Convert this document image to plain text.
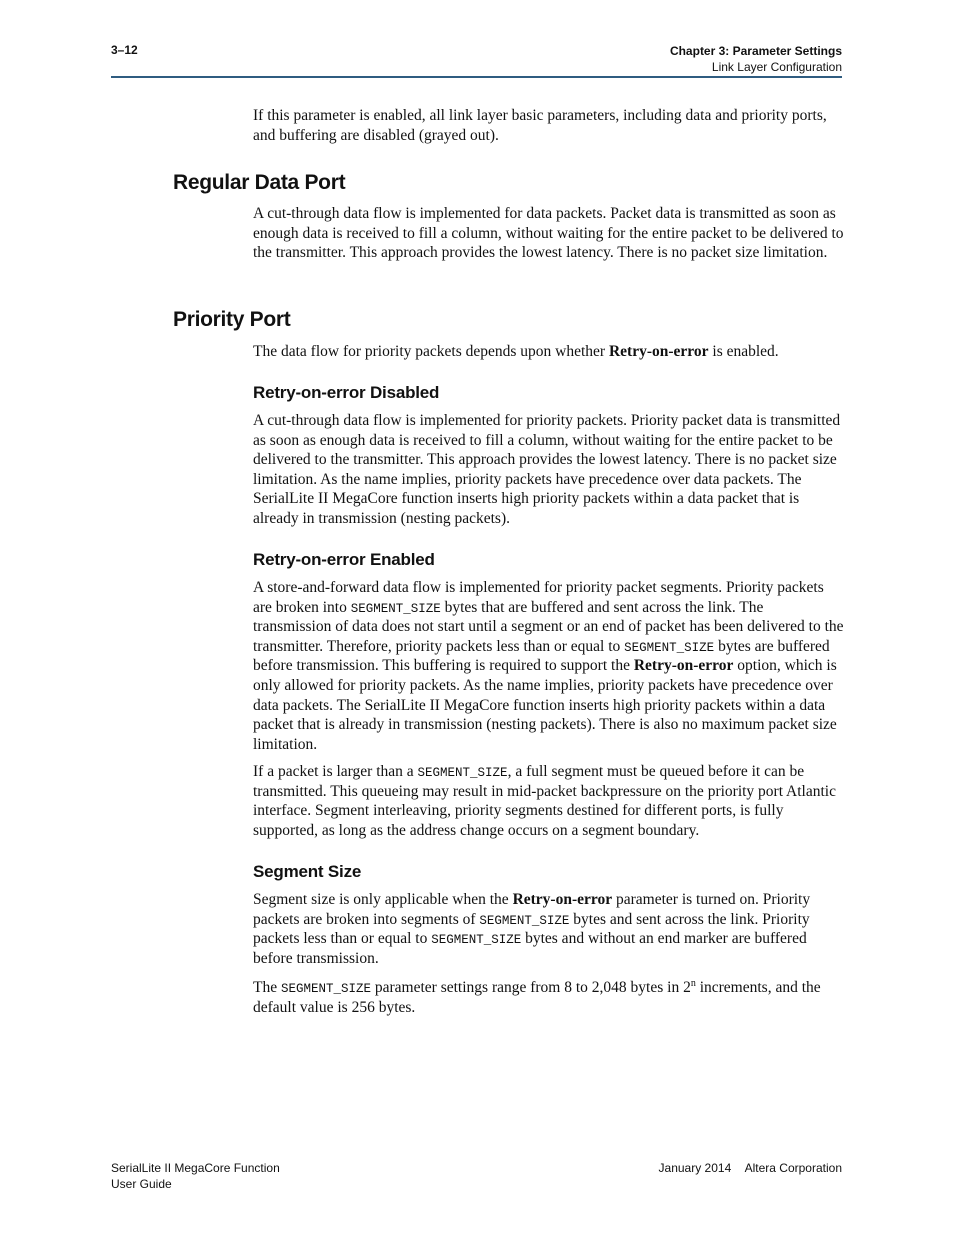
3–12	Chapter 3: Parameter Settings
Link Layer Configuration

If this parameter is enabled, all link layer basic parameters, including data and priority ports, and buffering are disabled (grayed out).

Regular Data Port

A cut-through data flow is implemented for data packets. Packet data is transmitted as soon as enough data is received to fill a column, without waiting for the entire packet to be delivered to the transmitter. This approach provides the lowest latency. There is no packet size limitation.

Priority Port

The data flow for priority packets depends upon whether Retry-on-error is enabled.

Retry-on-error Disabled

A cut-through data flow is implemented for priority packets. Priority packet data is transmitted as soon as enough data is received to fill a column, without waiting for the entire packet to be delivered to the transmitter. This approach provides the lowest latency. There is no packet size limitation. As the name implies, priority packets have precedence over data packets. The SerialLite II MegaCore function inserts high priority packets within a data packet that is already in transmission (nesting packets).

Retry-on-error Enabled

A store-and-forward data flow is implemented for priority packet segments. Priority packets are broken into SEGMENT_SIZE bytes that are buffered and sent across the link. The transmission of data does not start until a segment or an end of packet has been delivered to the transmitter. Therefore, priority packets less than or equal to SEGMENT_SIZE bytes are buffered before transmission. This buffering is required to support the Retry-on-error option, which is only allowed for priority packets. As the name implies, priority packets have precedence over data packets. The SerialLite II MegaCore function inserts high priority packets within a data packet that is already in transmission (nesting packets). There is also no maximum packet size limitation.

If a packet is larger than a SEGMENT_SIZE, a full segment must be queued before it can be transmitted. This queueing may result in mid-packet backpressure on the priority port Atlantic interface. Segment interleaving, priority segments destined for different ports, is fully supported, as long as the address change occurs on a segment boundary.

Segment Size

Segment size is only applicable when the Retry-on-error parameter is turned on. Priority packets are broken into segments of SEGMENT_SIZE bytes and sent across the link. Priority packets less than or equal to SEGMENT_SIZE bytes and without an end marker are buffered before transmission.

The SEGMENT_SIZE parameter settings range from 8 to 2,048 bytes in 2$^n$ increments, and the default value is 256 bytes.

SerialLite II MegaCore Function
User Guide
January 2014 Altera Corporation
